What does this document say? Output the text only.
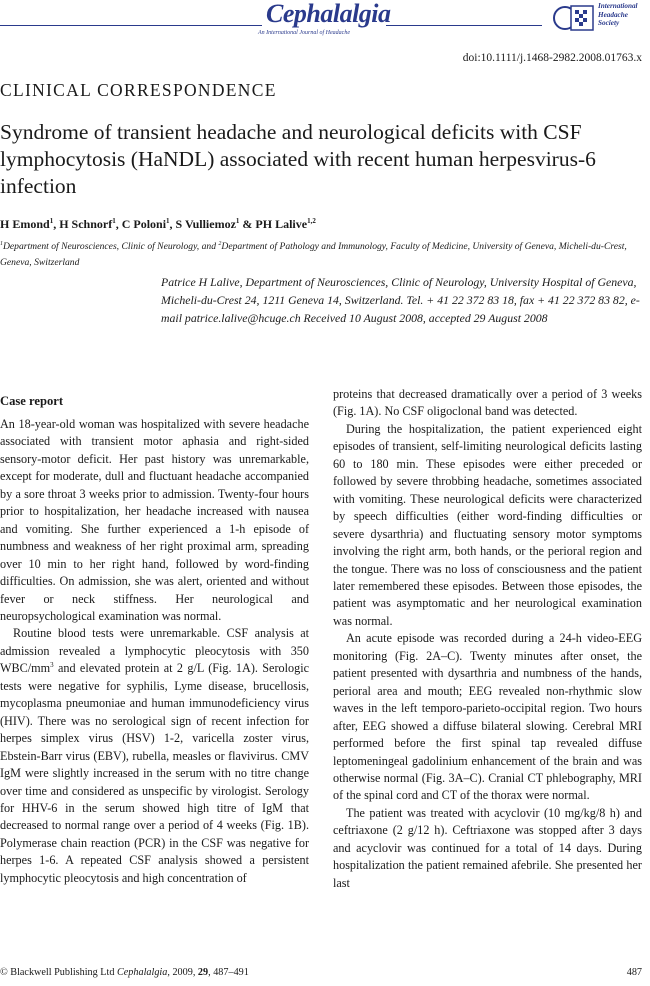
Cephalalgia
An International Journal of Headache
International
Headache
Society
doi:10.1111/j.1468-2982.2008.01763.x
CLINICAL CORRESPONDENCE
Syndrome of transient headache and neurological deficits with CSF lymphocytosis (HaNDL) associated with recent human herpesvirus-6 infection
H Emond$^1$, H Schnorf$^1$, C Poloni$^1$, S Vulliemoz$^1$ & PH Lalive$^{1,2}$
$^1$Department of Neurosciences, Clinic of Neurology, and $^2$Department of Pathology and Immunology, Faculty of Medicine, University of Geneva, Micheli-du-Crest, Geneva, Switzerland
Patrice H Lalive, Department of Neurosciences, Clinic of Neurology, University Hospital of Geneva, Micheli-du-Crest 24, 1211 Geneva 14, Switzerland. Tel. + 41 22 372 83 18, fax + 41 22 372 83 82, e-mail patrice.lalive@hcuge.ch Received 10 August 2008, accepted 29 August 2008
Case report

An 18-year-old woman was hospitalized with severe headache associated with transient motor aphasia and right-sided sensory-motor deficit. Her past history was unremarkable, except for moderate, dull and fluctuant headache accompanied by a sore throat 3 weeks prior to admission. Twenty-four hours prior to hospitalization, her headache increased with nausea and vomiting. She further experienced a 1-h episode of numbness and weakness of her right proximal arm, spreading over 10 min to her right hand, followed by word-finding difficulties. On admission, she was alert, oriented and without fever or neck stiffness. Her neurological and neuropsychological examination was normal.

Routine blood tests were unremarkable. CSF analysis at admission revealed a lymphocytic pleocytosis with 350 WBC/$mm^3$ and elevated protein at 2 g/L (Fig. 1A). Serologic tests were negative for syphilis, Lyme disease, brucellosis, mycoplasma pneumoniae and human immunodeficiency virus (HIV). There was no serological sign of recent infection for herpes simplex virus (HSV) 1-2, varicella zoster virus, Ebstein-Barr virus (EBV), rubella, measles or flavivirus. CMV IgM were slightly increased in the serum with no titre change over time and considered as unspecific by virologist. Serology for HHV-6 in the serum showed high titre of IgM that decreased to normal range over a period of 4 weeks (Fig. 1B). Polymerase chain reaction (PCR) in the CSF was negative for herpes 1-6. A repeated CSF analysis showed a persistent lymphocytic pleocytosis and high concentration of

proteins that decreased dramatically over a period of 3 weeks (Fig. 1A). No CSF oligoclonal band was detected.

During the hospitalization, the patient experienced eight episodes of transient, self-limiting neurological deficits lasting 60 to 180 min. These episodes were either preceded or followed by severe throbbing headache, sometimes associated with vomiting. These neurological deficits were characterized by speech difficulties (either word-finding difficulties or severe dysarthria) and fluctuating sensory motor symptoms involving the right arm, both hands, or the perioral region and the tongue. There was no loss of consciousness and the patient later remembered these episodes. Between those episodes, the patient was asymptomatic and her neurological examination was normal.

An acute episode was recorded during a 24-h video-EEG monitoring (Fig. 2A–C). Twenty minutes after onset, the patient presented with dysarthria and numbness of the hands, perioral area and mouth; EEG revealed non-rhythmic slow waves in the left temporo-parieto-occipital region. Two hours after, EEG showed a diffuse bilateral slowing. Cerebral MRI performed before the first spinal tap revealed diffuse leptomeningeal gadolinium enhancement of the brain and was otherwise normal (Fig. 3A–C). Cranial CT phlebography, MRI of the spinal cord and CT of the thorax were normal.

The patient was treated with acyclovir (10 mg/kg/8 h) and ceftriaxone (2 g/12 h). Ceftriaxone was stopped after 3 days and acyclovir was continued for a total of 14 days. During hospitalization the patient remained afebrile. She presented her last

© Blackwell Publishing Ltd Cephalalgia, 2009, 29, 487–491	487
